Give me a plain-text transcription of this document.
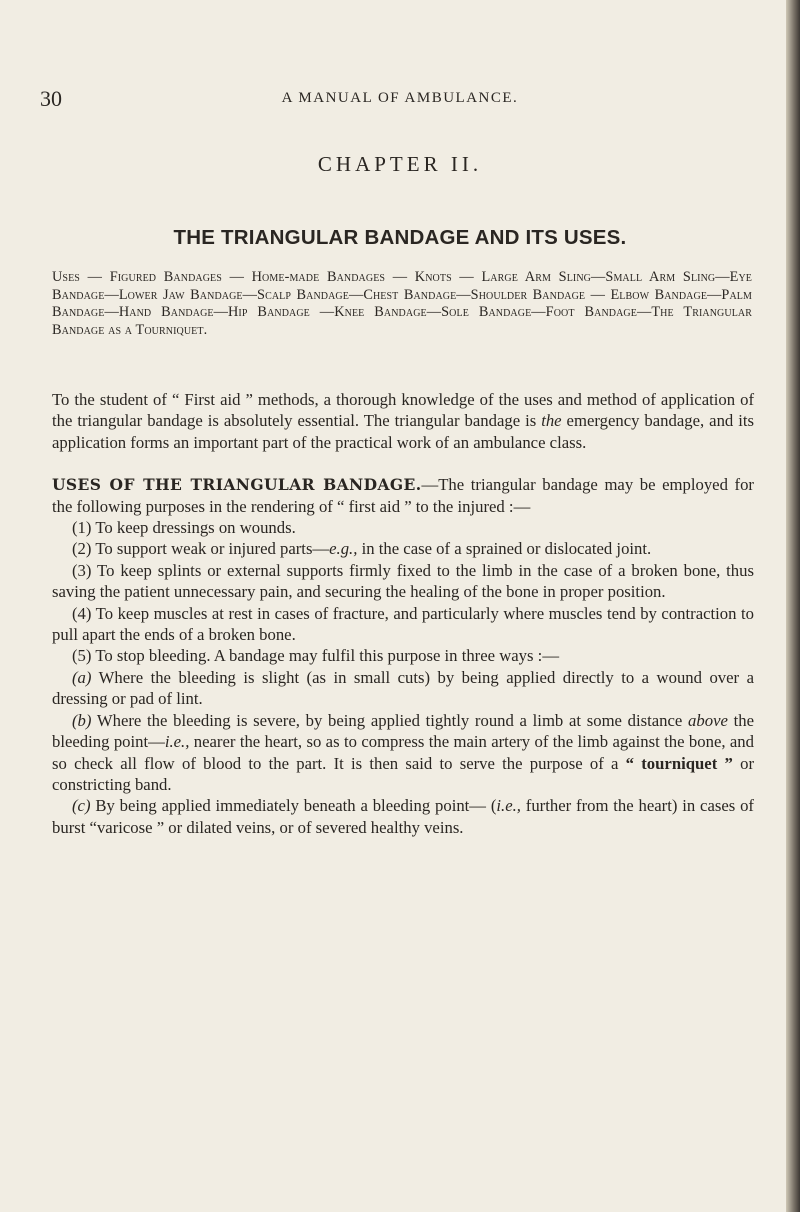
30	A MANUAL OF AMBULANCE.
CHAPTER II.
THE TRIANGULAR BANDAGE AND ITS USES.
Uses — Figured Bandages — Home-made Bandages — Knots — Large Arm Sling—Small Arm Sling—Eye Bandage—Lower Jaw Bandage—Scalp Bandage—Chest Bandage—Shoulder Bandage — Elbow Bandage—Palm Bandage—Hand Bandage—Hip Bandage —Knee Bandage—Sole Bandage—Foot Bandage—The Triangular Bandage as a Tourniquet.

To the student of “ First aid ” methods, a thorough knowledge of the uses and method of application of the triangular bandage is absolutely essential. The triangular bandage is the emergency bandage, and its application forms an important part of the practical work of an ambulance class.

USES OF THE TRIANGULAR BANDAGE.—The triangular bandage may be employed for the following purposes in the rendering of “ first aid ” to the injured :—

(1) To keep dressings on wounds.

(2) To support weak or injured parts—e.g., in the case of a sprained or dislocated joint.

(3) To keep splints or external supports firmly fixed to the limb in the case of a broken bone, thus saving the patient unnecessary pain, and securing the healing of the bone in proper position.

(4) To keep muscles at rest in cases of fracture, and particularly where muscles tend by contraction to pull apart the ends of a broken bone.

(5) To stop bleeding. A bandage may fulfil this purpose in three ways :—

(a) Where the bleeding is slight (as in small cuts) by being applied directly to a wound over a dressing or pad of lint.

(b) Where the bleeding is severe, by being applied tightly round a limb at some distance above the bleeding point—i.e., nearer the heart, so as to compress the main artery of the limb against the bone, and so check all flow of blood to the part. It is then said to serve the purpose of a “ tourniquet ” or constricting band.

(c) By being applied immediately beneath a bleeding point— (i.e., further from the heart) in cases of burst “varicose ” or dilated veins, or of severed healthy veins.
